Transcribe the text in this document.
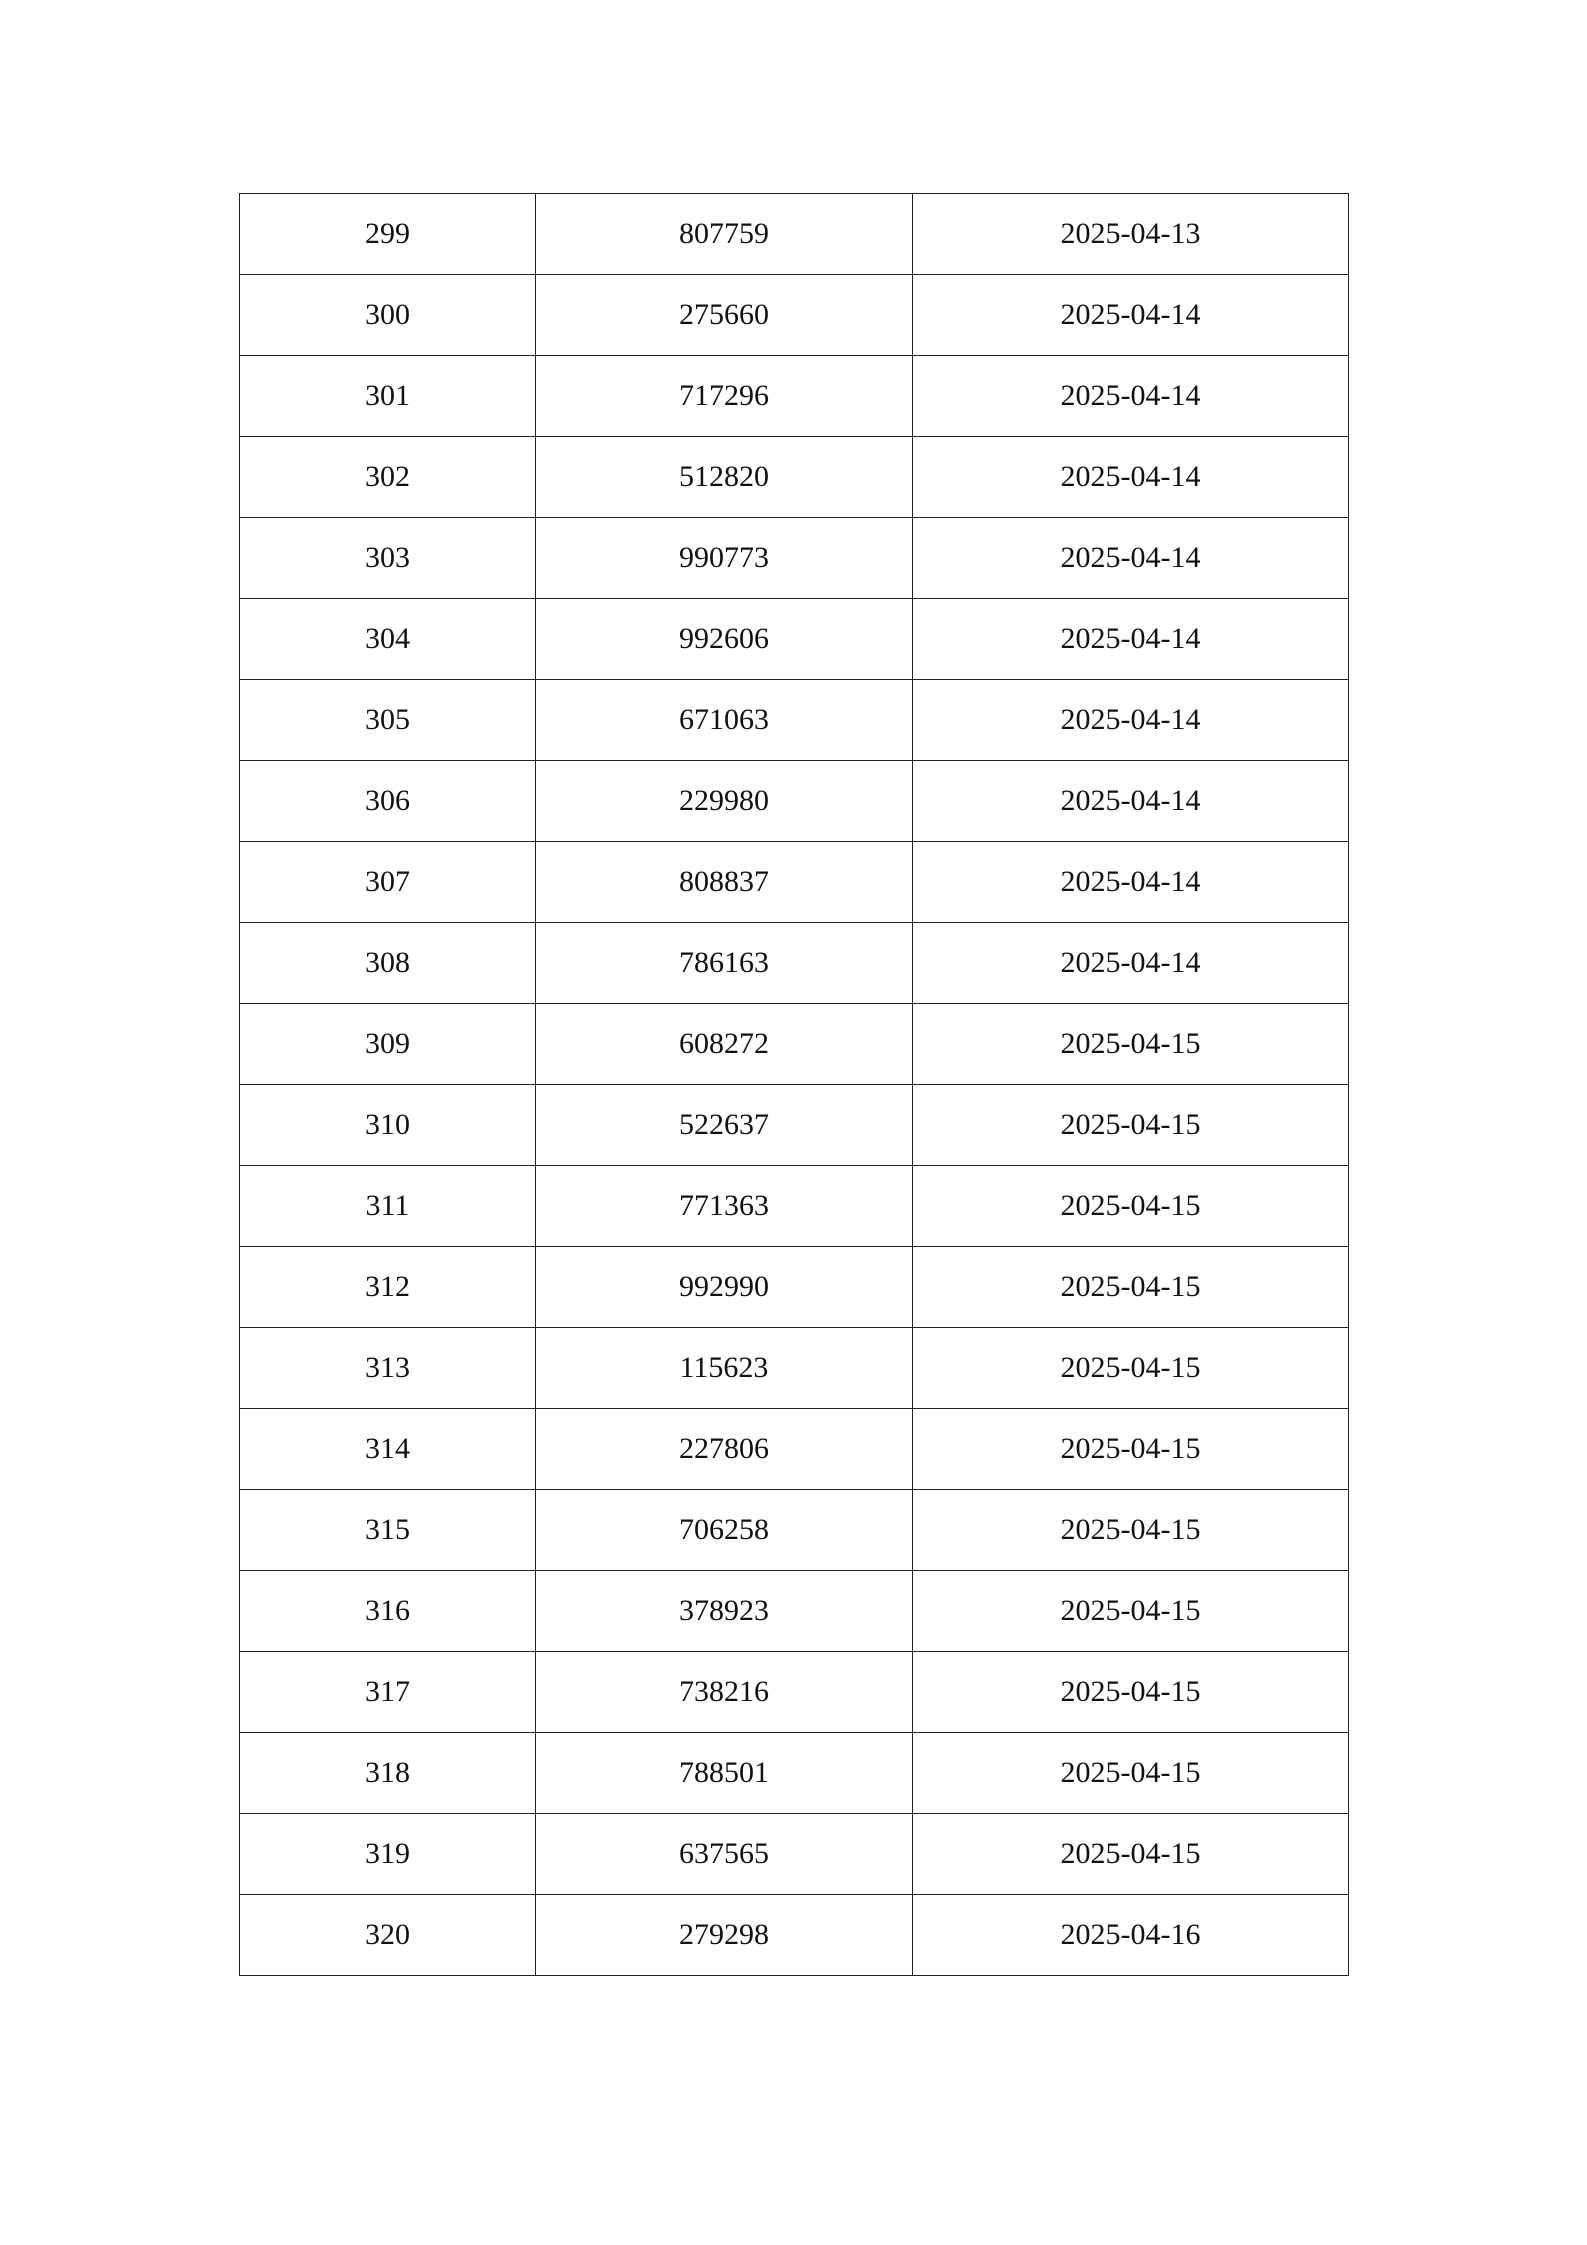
299	807759	2025-04-13
300	275660	2025-04-14
301	717296	2025-04-14
302	512820	2025-04-14
303	990773	2025-04-14
304	992606	2025-04-14
305	671063	2025-04-14
306	229980	2025-04-14
307	808837	2025-04-14
308	786163	2025-04-14
309	608272	2025-04-15
310	522637	2025-04-15
311	771363	2025-04-15
312	992990	2025-04-15
313	115623	2025-04-15
314	227806	2025-04-15
315	706258	2025-04-15
316	378923	2025-04-15
317	738216	2025-04-15
318	788501	2025-04-15
319	637565	2025-04-15
320	279298	2025-04-16
